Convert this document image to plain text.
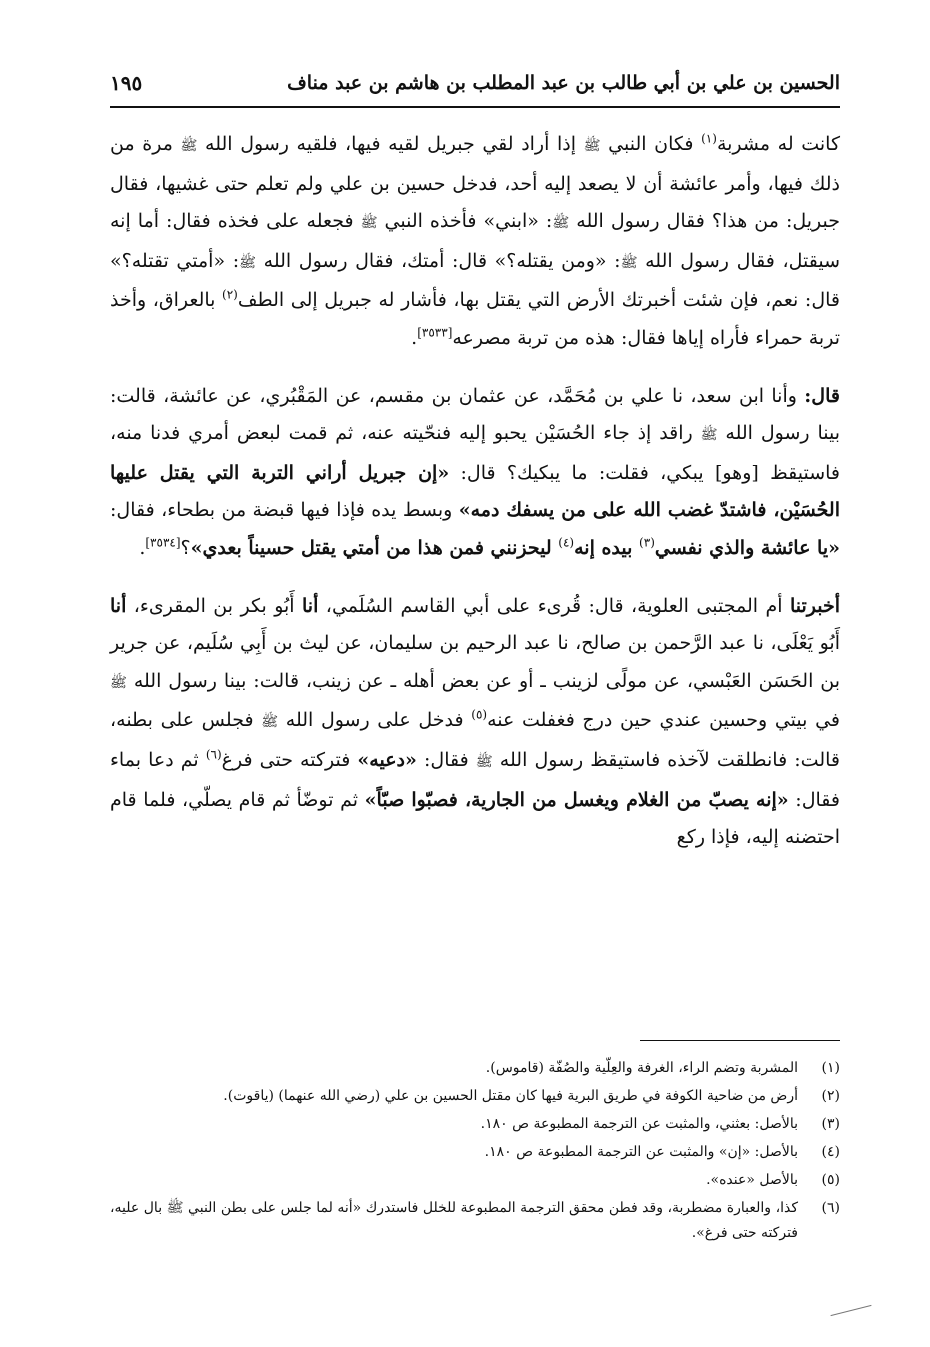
الحسين بن علي بن أبي طالب بن عبد المطلب بن هاشم بن عبد مناف
١٩٥

كانت له مشربة$^{(١)}$ فكان النبي ﷺ إذا أراد لقي جبريل لقيه فيها، فلقيه رسول الله ﷺ مرة من ذلك فيها، وأمر عائشة أن لا يصعد إليه أحد، فدخل حسين بن علي ولم تعلم حتى غشيها، فقال جبريل: من هذا؟ فقال رسول الله ﷺ: «ابني» فأخذه النبي ﷺ فجعله على فخذه فقال: أما إنه سيقتل، فقال رسول الله ﷺ: «ومن يقتله؟» قال: أمتك، فقال رسول الله ﷺ: «أمتي تقتله؟» قال: نعم، فإن شئت أخبرتك الأرض التي يقتل بها، فأشار له جبريل إلى الطف$^{(٢)}$ بالعراق، وأخذ تربة حمراء فأراه إياها فقال: هذه من تربة مصرعه[٣٥٣٣].

قال: وأنا ابن سعد، نا علي بن مُحَمَّد، عن عثمان بن مقسم، عن المَقْبُري، عن عائشة، قالت: بينا رسول الله ﷺ راقد إذ جاء الحُسَيْن يحبو إليه فنحّيته عنه، ثم قمت لبعض أمري فدنا منه، فاستيقظ [وهو] يبكي، فقلت: ما يبكيك؟ قال: «إن جبريل أراني التربة التي يقتل عليها الحُسَيْن، فاشتدّ غضب الله على من يسفك دمه» وبسط يده فإذا فيها قبضة من بطحاء، فقال: «يا عائشة والذي نفسي$^{(٣)}$ بيده إنه$^{(٤)}$ ليحزنني فمن هذا من أمتي يقتل حسيناً بعدي»؟[٣٥٣٤].

أخبرتنا أم المجتبى العلوية، قال: قُرىء على أبي القاسم السُلَمي، أنا أَبُو بكر بن المقرىء، أنا أَبُو يَعْلَى، نا عبد الرَّحمن بن صالح، نا عبد الرحيم بن سليمان، عن ليث بن أَبِي سُلَيم، عن جرير بن الحَسَن العَبْسي، عن مولًى لزينب ـ أو عن بعض أهله ـ عن زينب، قالت: بينا رسول الله ﷺ في بيتي وحسين عندي حين درج فغفلت عنه$^{(٥)}$ فدخل على رسول الله ﷺ فجلس على بطنه، قالت: فانطلقت لآخذه فاستيقظ رسول الله ﷺ فقال: «دعيه» فتركته حتى فرغ$^{(٦)}$ ثم دعا بماء فقال: «إنه يصبّ من الغلام ويغسل من الجارية، فصبّوا صبّاً» ثم توضّأ ثم قام يصلّي، فلما قام احتضنه إليه، فإذا ركع

(١)
المشربة وتضم الراء، الغرفة والعِلّية والصُفّة (قاموس).
(٢)
أرض من ضاحية الكوفة في طريق البرية فيها كان مقتل الحسين بن علي (رضي الله عنهما) (ياقوت).
(٣)
بالأصل: بعثني، والمثبت عن الترجمة المطبوعة ص ١٨٠.
(٤)
بالأصل: «إن» والمثبت عن الترجمة المطبوعة ص ١٨٠.
(٥)
بالأصل «عنده».
(٦)
كذا، والعبارة مضطربة، وقد فطن محقق الترجمة المطبوعة للخلل فاستدرك «أنه لما جلس على بطن النبي ﷺ بال عليه، فتركته حتى فرغ».
